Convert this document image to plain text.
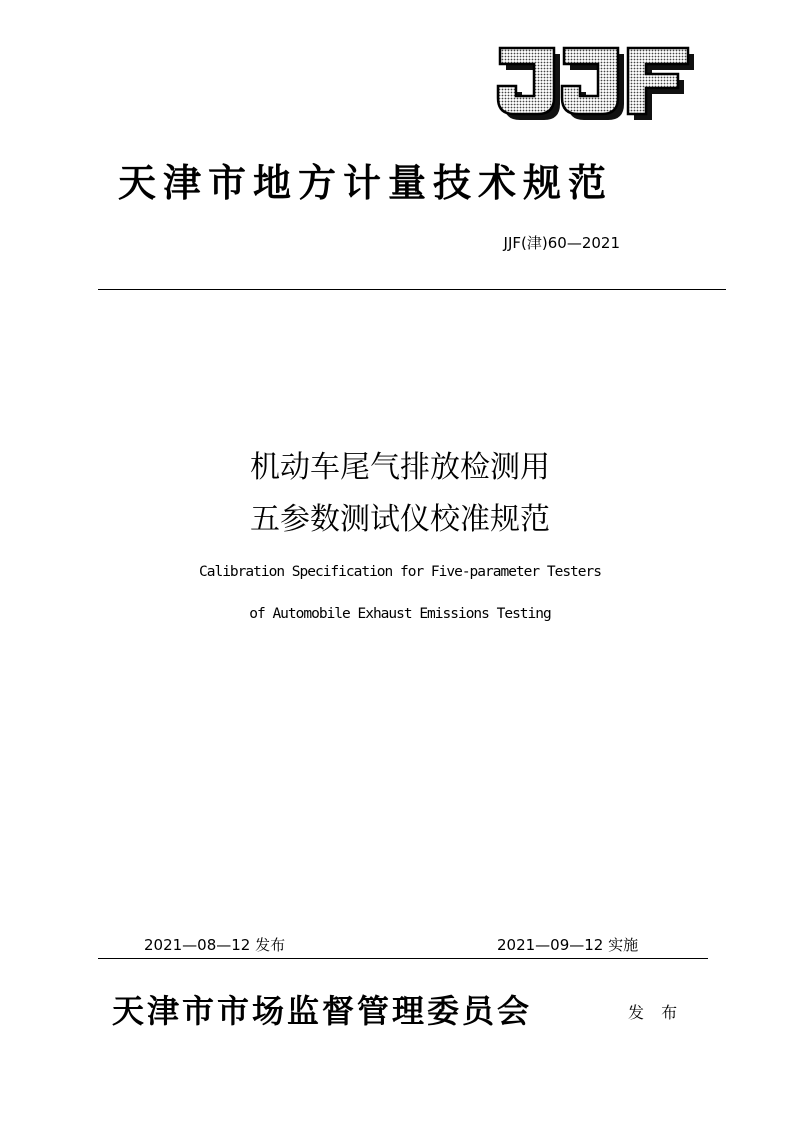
天津市地方计量技术规范
JJF(津)60—2021
机动车尾气排放检测用
五参数测试仪校准规范
Calibration Specification for Five-parameter Testers
of Automobile Exhaust Emissions Testing
2021—08—12 发布	2021—09—12 实施
天津市市场监督管理委员会	发 布
